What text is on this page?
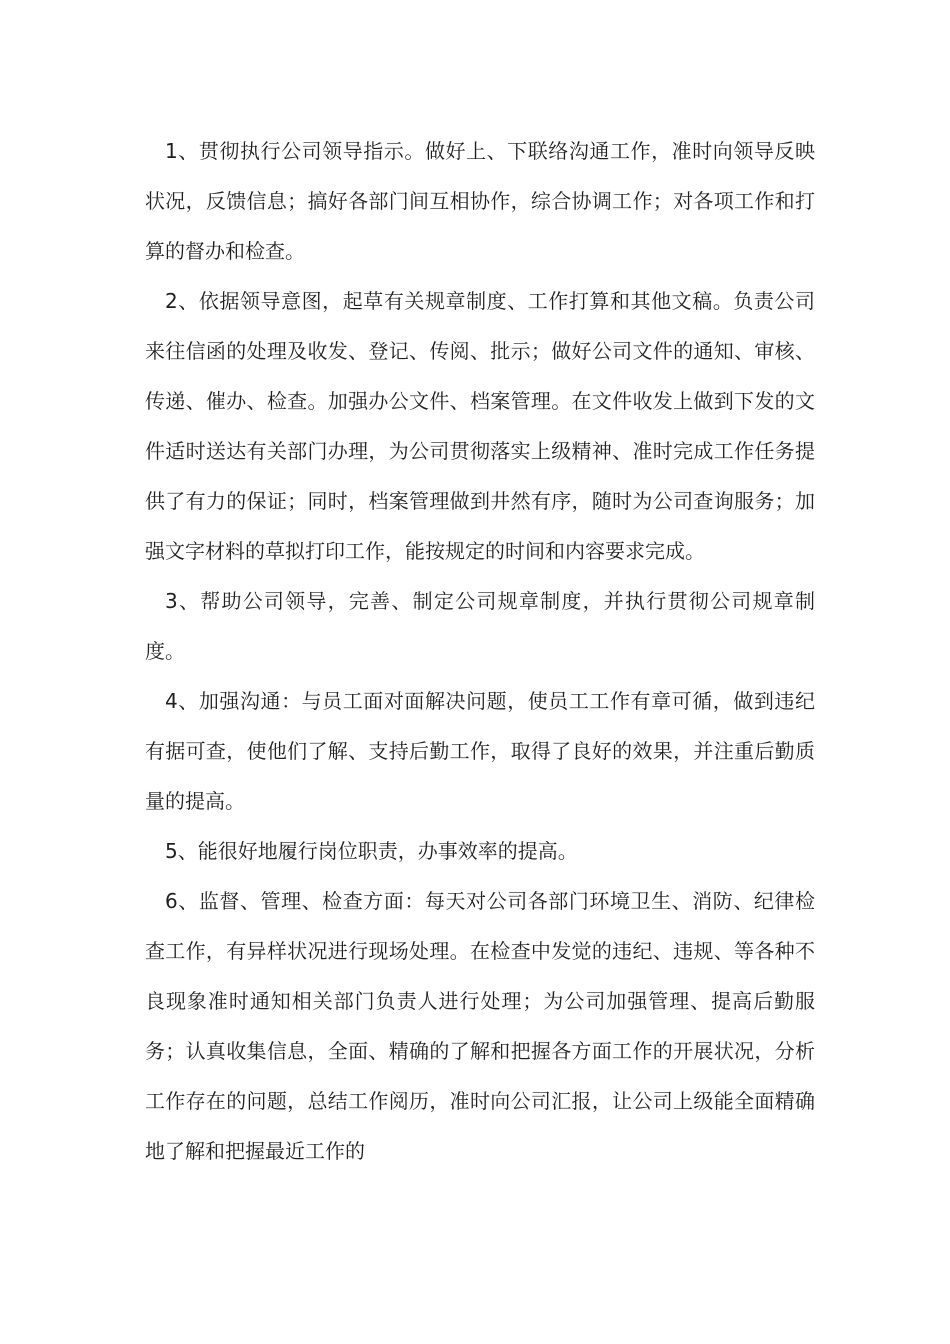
1、贯彻执行公司领导指示。做好上、下联络沟通工作，准时向领导反映状况，反馈信息；搞好各部门间互相协作，综合协调工作；对各项工作和打算的督办和检查。

2、依据领导意图，起草有关规章制度、工作打算和其他文稿。负责公司来往信函的处理及收发、登记、传阅、批示；做好公司文件的通知、审核、传递、催办、检查。加强办公文件、档案管理。在文件收发上做到下发的文件适时送达有关部门办理，为公司贯彻落实上级精神、准时完成工作任务提供了有力的保证；同时，档案管理做到井然有序，随时为公司查询服务；加强文字材料的草拟打印工作，能按规定的时间和内容要求完成。

3、帮助公司领导，完善、制定公司规章制度，并执行贯彻公司规章制度。

4、加强沟通：与员工面对面解决问题，使员工工作有章可循，做到违纪有据可查，使他们了解、支持后勤工作，取得了良好的效果，并注重后勤质量的提高。

5、能很好地履行岗位职责，办事效率的提高。

6、监督、管理、检查方面：每天对公司各部门环境卫生、消防、纪律检查工作，有异样状况进行现场处理。在检查中发觉的违纪、违规、等各种不良现象准时通知相关部门负责人进行处理；为公司加强管理、提高后勤服务；认真收集信息，全面、精确的了解和把握各方面工作的开展状况，分析工作存在的问题，总结工作阅历，准时向公司汇报，让公司上级能全面精确地了解和把握最近工作的
